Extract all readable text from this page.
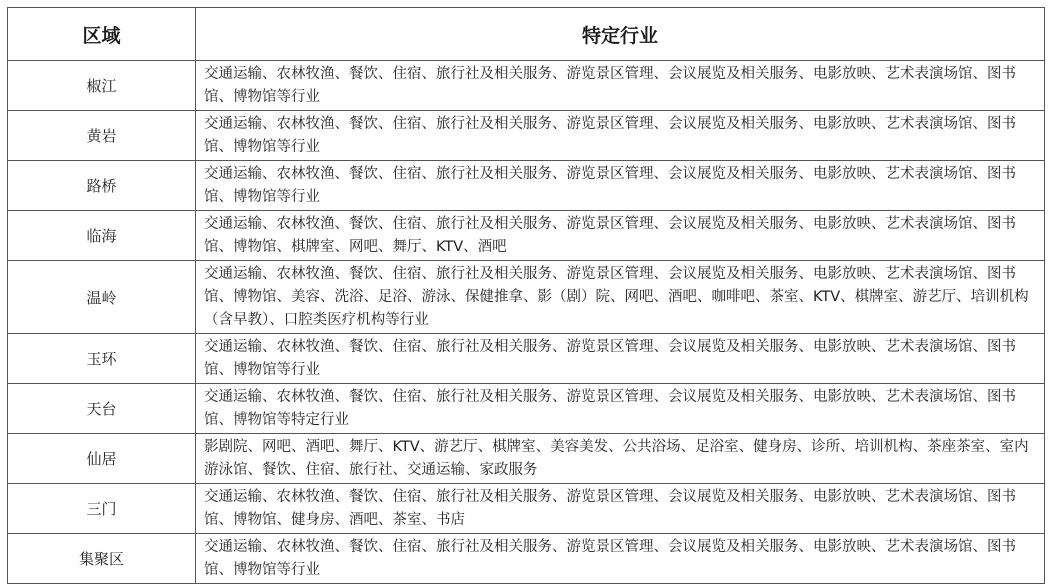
区域	特定行业
椒江	交通运输、农林牧渔、餐饮、住宿、旅行社及相关服务、游览景区管理、会议展览及相关服务、电影放映、艺术表演场馆、图书馆、博物馆等行业
黄岩	交通运输、农林牧渔、餐饮、住宿、旅行社及相关服务、游览景区管理、会议展览及相关服务、电影放映、艺术表演场馆、图书馆、博物馆等行业
路桥	交通运输、农林牧渔、餐饮、住宿、旅行社及相关服务、游览景区管理、会议展览及相关服务、电影放映、艺术表演场馆、图书馆、博物馆等行业
临海	交通运输、农林牧渔、餐饮、住宿、旅行社及相关服务、游览景区管理、会议展览及相关服务、电影放映、艺术表演场馆、图书馆、博物馆、棋牌室、网吧、舞厅、KTV、酒吧
温岭	交通运输、农林牧渔、餐饮、住宿、旅行社及相关服务、游览景区管理、会议展览及相关服务、电影放映、艺术表演场馆、图书馆、博物馆、美容、洗浴、足浴、游泳、保健推拿、影（剧）院、网吧、酒吧、咖啡吧、茶室、KTV、棋牌室、游艺厅、培训机构（含早教）、口腔类医疗机构等行业
玉环	交通运输、农林牧渔、餐饮、住宿、旅行社及相关服务、游览景区管理、会议展览及相关服务、电影放映、艺术表演场馆、图书馆、博物馆等行业
天台	交通运输、农林牧渔、餐饮、住宿、旅行社及相关服务、游览景区管理、会议展览及相关服务、电影放映、艺术表演场馆、图书馆、博物馆等特定行业
仙居	影剧院、网吧、酒吧、舞厅、KTV、游艺厅、棋牌室、美容美发、公共浴场、足浴室、健身房、诊所、培训机构、茶座茶室、室内游泳馆、餐饮、住宿、旅行社、交通运输、家政服务
三门	交通运输、农林牧渔、餐饮、住宿、旅行社及相关服务、游览景区管理、会议展览及相关服务、电影放映、艺术表演场馆、图书馆、博物馆、健身房、酒吧、茶室、书店
集聚区	交通运输、农林牧渔、餐饮、住宿、旅行社及相关服务、游览景区管理、会议展览及相关服务、电影放映、艺术表演场馆、图书馆、博物馆等行业
